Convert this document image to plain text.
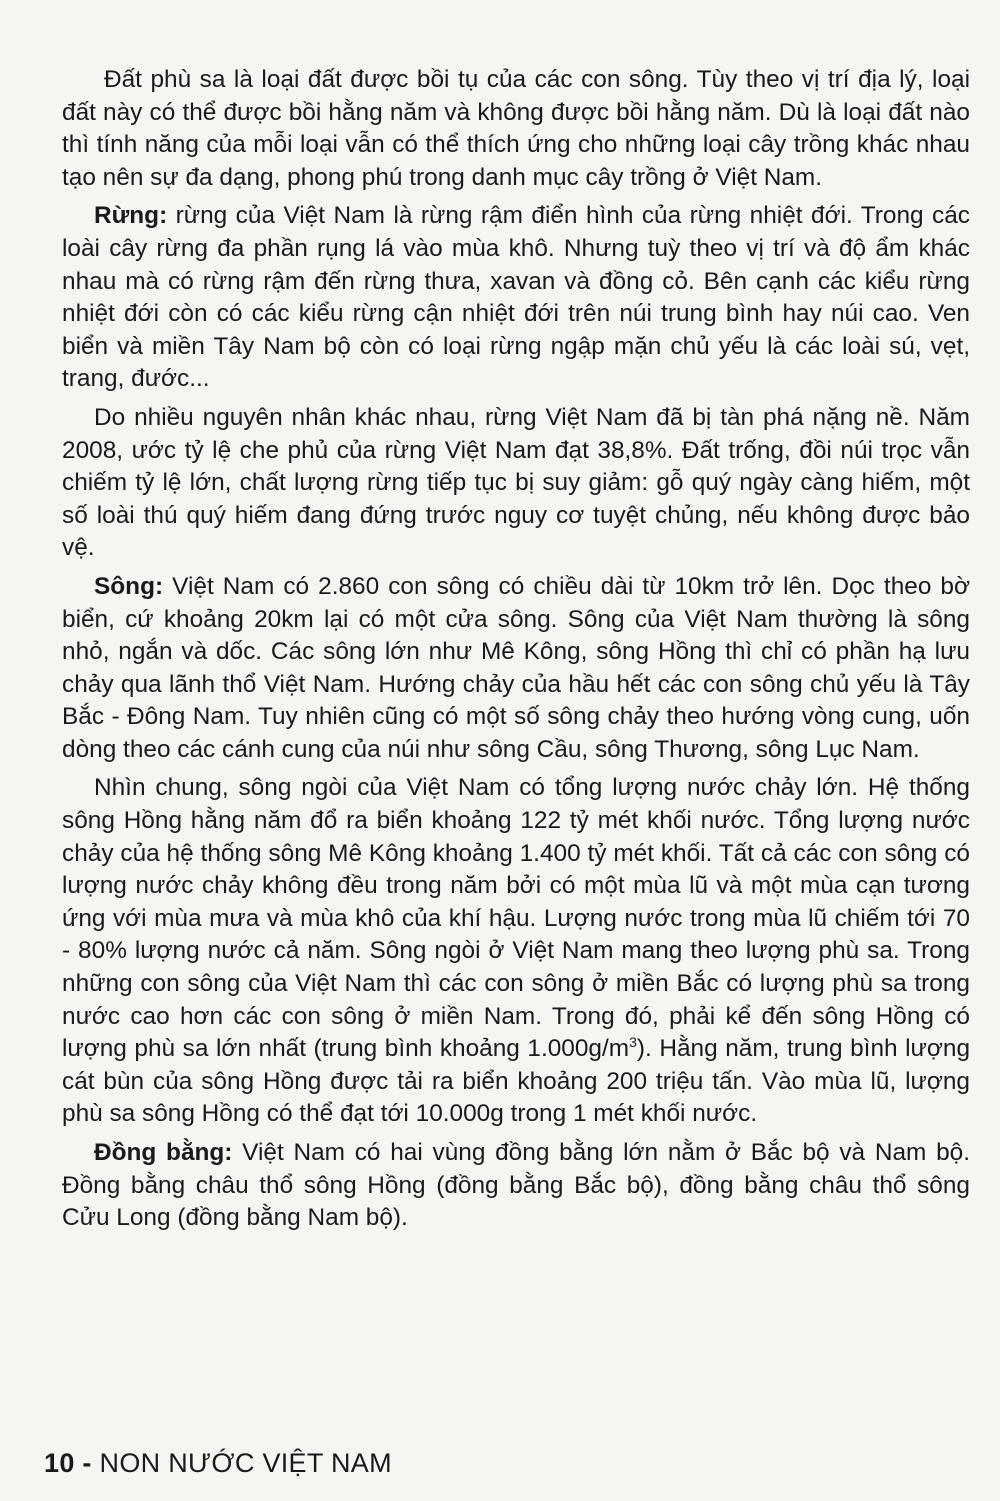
Đất phù sa là loại đất được bồi tụ của các con sông. Tùy theo vị trí địa lý, loại đất này có thể được bồi hằng năm và không được bồi hằng năm. Dù là loại đất nào thì tính năng của mỗi loại vẫn có thể thích ứng cho những loại cây trồng khác nhau tạo nên sự đa dạng, phong phú trong danh mục cây trồng ở Việt Nam.

Rừng: rừng của Việt Nam là rừng rậm điển hình của rừng nhiệt đới. Trong các loài cây rừng đa phần rụng lá vào mùa khô. Nhưng tuỳ theo vị trí và độ ẩm khác nhau mà có rừng rậm đến rừng thưa, xavan và đồng cỏ. Bên cạnh các kiểu rừng nhiệt đới còn có các kiểu rừng cận nhiệt đới trên núi trung bình hay núi cao. Ven biển và miền Tây Nam bộ còn có loại rừng ngập mặn chủ yếu là các loài sú, vẹt, trang, đước...

Do nhiều nguyên nhân khác nhau, rừng Việt Nam đã bị tàn phá nặng nề. Năm 2008, ước tỷ lệ che phủ của rừng Việt Nam đạt 38,8%. Đất trống, đồi núi trọc vẫn chiếm tỷ lệ lớn, chất lượng rừng tiếp tục bị suy giảm: gỗ quý ngày càng hiếm, một số loài thú quý hiếm đang đứng trước nguy cơ tuyệt chủng, nếu không được bảo vệ.

Sông: Việt Nam có 2.860 con sông có chiều dài từ 10km trở lên. Dọc theo bờ biển, cứ khoảng 20km lại có một cửa sông. Sông của Việt Nam thường là sông nhỏ, ngắn và dốc. Các sông lớn như Mê Kông, sông Hồng thì chỉ có phần hạ lưu chảy qua lãnh thổ Việt Nam. Hướng chảy của hầu hết các con sông chủ yếu là Tây Bắc - Đông Nam. Tuy nhiên cũng có một số sông chảy theo hướng vòng cung, uốn dòng theo các cánh cung của núi như sông Cầu, sông Thương, sông Lục Nam.

Nhìn chung, sông ngòi của Việt Nam có tổng lượng nước chảy lớn. Hệ thống sông Hồng hằng năm đổ ra biển khoảng 122 tỷ mét khối nước. Tổng lượng nước chảy của hệ thống sông Mê Kông khoảng 1.400 tỷ mét khối. Tất cả các con sông có lượng nước chảy không đều trong năm bởi có một mùa lũ và một mùa cạn tương ứng với mùa mưa và mùa khô của khí hậu. Lượng nước trong mùa lũ chiếm tới 70 - 80% lượng nước cả năm. Sông ngòi ở Việt Nam mang theo lượng phù sa. Trong những con sông của Việt Nam thì các con sông ở miền Bắc có lượng phù sa trong nước cao hơn các con sông ở miền Nam. Trong đó, phải kể đến sông Hồng có lượng phù sa lớn nhất (trung bình khoảng $1.000g/m^3$). Hằng năm, trung bình lượng cát bùn của sông Hồng được tải ra biển khoảng 200 triệu tấn. Vào mùa lũ, lượng phù sa sông Hồng có thể đạt tới 10.000g trong 1 mét khối nước.

Đồng bằng: Việt Nam có hai vùng đồng bằng lớn nằm ở Bắc bộ và Nam bộ. Đồng bằng châu thổ sông Hồng (đồng bằng Bắc bộ), đồng bằng châu thổ sông Cửu Long (đồng bằng Nam bộ).

10 - NON NƯỚC VIỆT NAM
